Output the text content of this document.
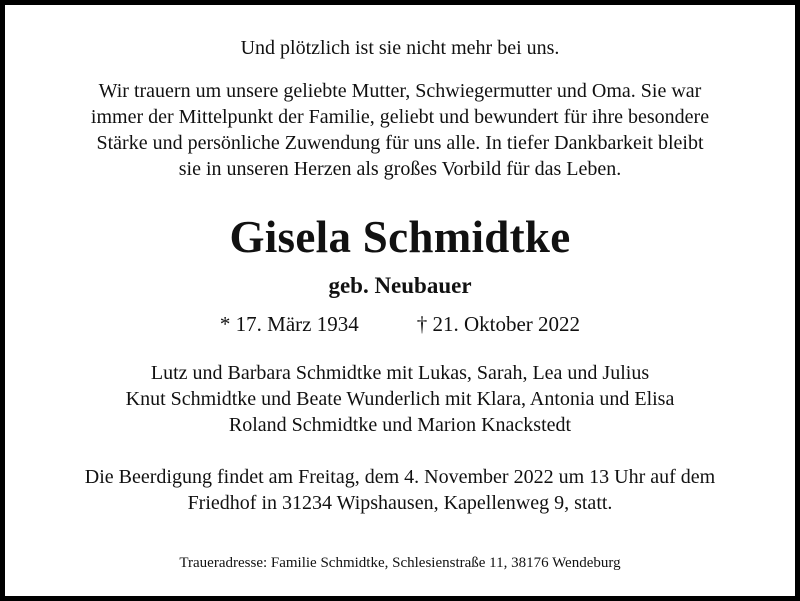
Und plötzlich ist sie nicht mehr bei uns.
Wir trauern um unsere geliebte Mutter, Schwiegermutter und Oma. Sie war
immer der Mittelpunkt der Familie, geliebt und bewundert für ihre besondere
Stärke und persönliche Zuwendung für uns alle. In tiefer Dankbarkeit bleibt
sie in unseren Herzen als großes Vorbild für das Leben.
Gisela Schmidtke
geb. Neubauer
* 17. März 1934	† 21. Oktober 2022
Lutz und Barbara Schmidtke mit Lukas, Sarah, Lea und Julius
Knut Schmidtke und Beate Wunderlich mit Klara, Antonia und Elisa
Roland Schmidtke und Marion Knackstedt
Die Beerdigung findet am Freitag, dem 4. November 2022 um 13 Uhr auf dem
Friedhof in 31234 Wipshausen, Kapellenweg 9, statt.
Traueradresse: Familie Schmidtke, Schlesienstraße 11, 38176 Wendeburg
